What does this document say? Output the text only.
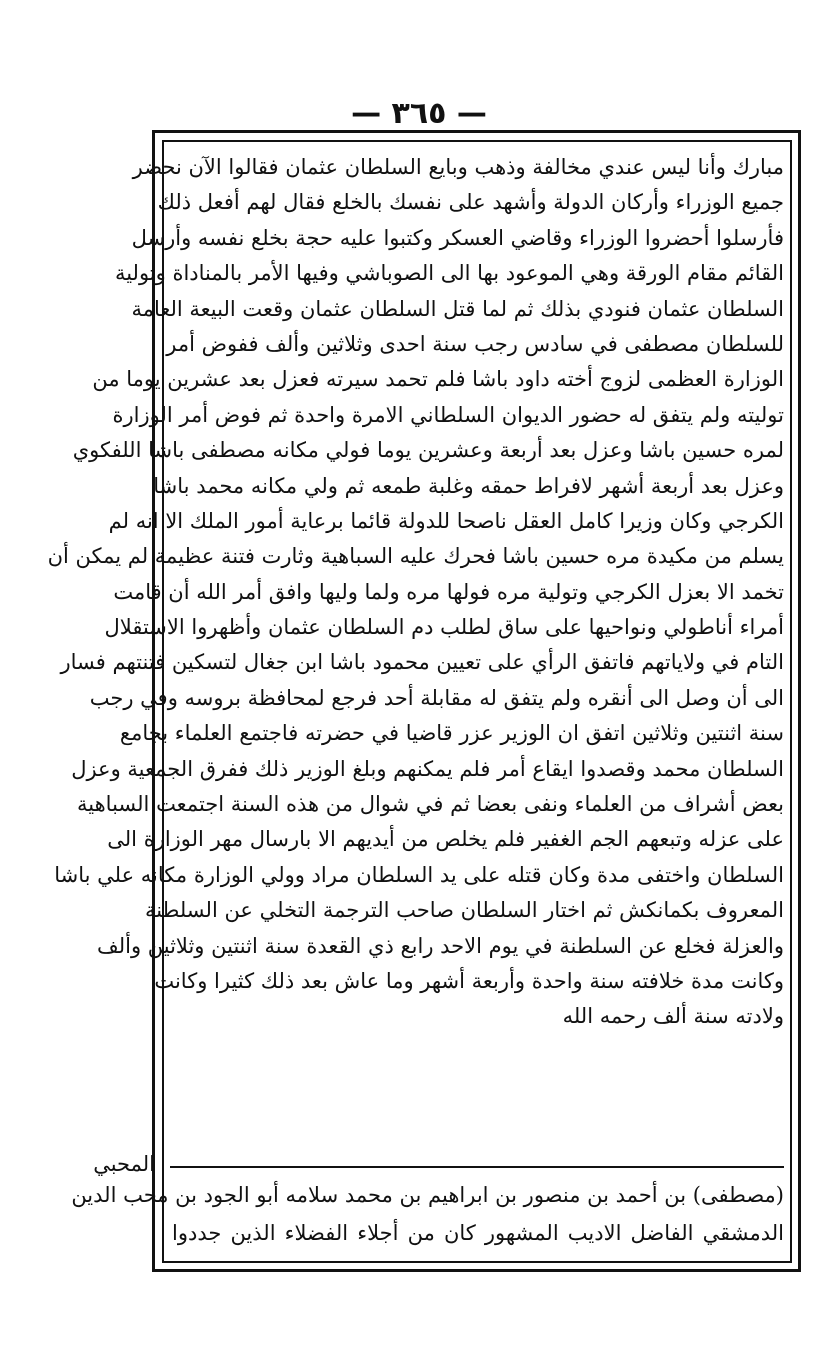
— ٣٦٥ —
مبارك وأنا ليس عندي مخالفة وذهب وبايع السلطان عثمان فقالوا الآن نحضر
جميع الوزراء وأركان الدولة وأشهد على نفسك بالخلع فقال لهم أفعل ذلك
فأرسلوا أحضروا الوزراء وقاضي العسكر وكتبوا عليه حجة بخلع نفسه وأرسل
القائم مقام الورقة وهي الموعود بها الى الصوباشي وفيها الأمر بالمناداة وتولية
السلطان عثمان فنودي بذلك ثم لما قتل السلطان عثمان وقعت البيعة العامة
للسلطان مصطفى في سادس رجب سنة احدى وثلاثين وألف ففوض أمر
الوزارة العظمى لزوج أخته داود باشا فلم تحمد سيرته فعزل بعد عشرين يوما من
توليته ولم يتفق له حضور الديوان السلطاني الامرة واحدة ثم فوض أمر الوزارة
لمره حسين باشا وعزل بعد أربعة وعشرين يوما فولي مكانه مصطفى باشا اللفكوي
وعزل بعد أربعة أشهر لافراط حمقه وغلبة طمعه ثم ولي مكانه محمد باشا
الكرجي وكان وزيرا كامل العقل ناصحا للدولة قائما برعاية أمور الملك الا انه لم
يسلم من مكيدة مره حسين باشا فحرك عليه السباهية وثارت فتنة عظيمة لم يمكن أن
تخمد الا بعزل الكرجي وتولية مره فولها مره ولما وليها وافق أمر الله أن قامت
أمراء أناطولي ونواحيها على ساق لطلب دم السلطان عثمان وأظهروا الاستقلال
التام في ولاياتهم فاتفق الرأي على تعيين محمود باشا ابن جغال لتسكين فتنتهم فسار
الى أن وصل الى أنقره ولم يتفق له مقابلة أحد فرجع لمحافظة بروسه وفي رجب
سنة اثنتين وثلاثين اتفق ان الوزير عزر قاضيا في حضرته فاجتمع العلماء بجامع
السلطان محمد وقصدوا ايقاع أمر فلم يمكنهم وبلغ الوزير ذلك ففرق الجمعية وعزل
بعض أشراف من العلماء ونفى بعضا ثم في شوال من هذه السنة اجتمعت السباهية
على عزله وتبعهم الجم الغفير فلم يخلص من أيديهم الا بارسال مهر الوزارة الى
السلطان واختفى مدة وكان قتله على يد السلطان مراد وولي الوزارة مكانه علي باشا
المعروف بكمانكش ثم اختار السلطان صاحب الترجمة التخلي عن السلطنة
والعزلة فخلع عن السلطنة في يوم الاحد رابع ذي القعدة سنة اثنتين وثلاثين وألف
وكانت مدة خلافته سنة واحدة وأربعة أشهر وما عاش بعد ذلك كثيرا وكانت
ولادته سنة ألف رحمه الله
(مصطفى) بن أحمد بن منصور بن ابراهيم بن محمد سلامه أبو الجود بن محب الدين
الدمشقي الفاضل الاديب المشهور كان من أجلاء الفضلاء الذين جددوا
المحبي
